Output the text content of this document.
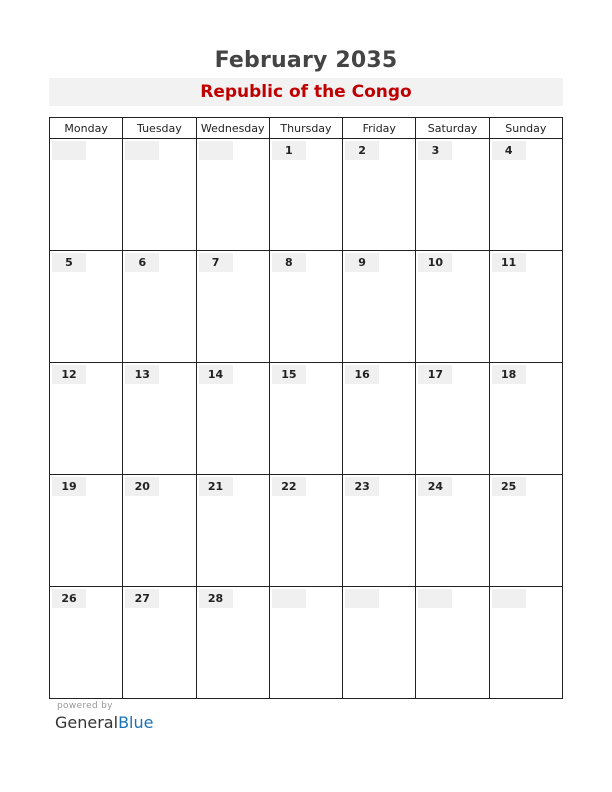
February 2035
Republic of the Congo
Monday	Tuesday	Wednesday	Thursday	Friday	Saturday	Sunday

			1	2	3	4

5	6	7	8	9	10	11

12	13	14	15	16	17	18

19	20	21	22	23	24	25

26	27	28				

powered by
GeneralBlue
